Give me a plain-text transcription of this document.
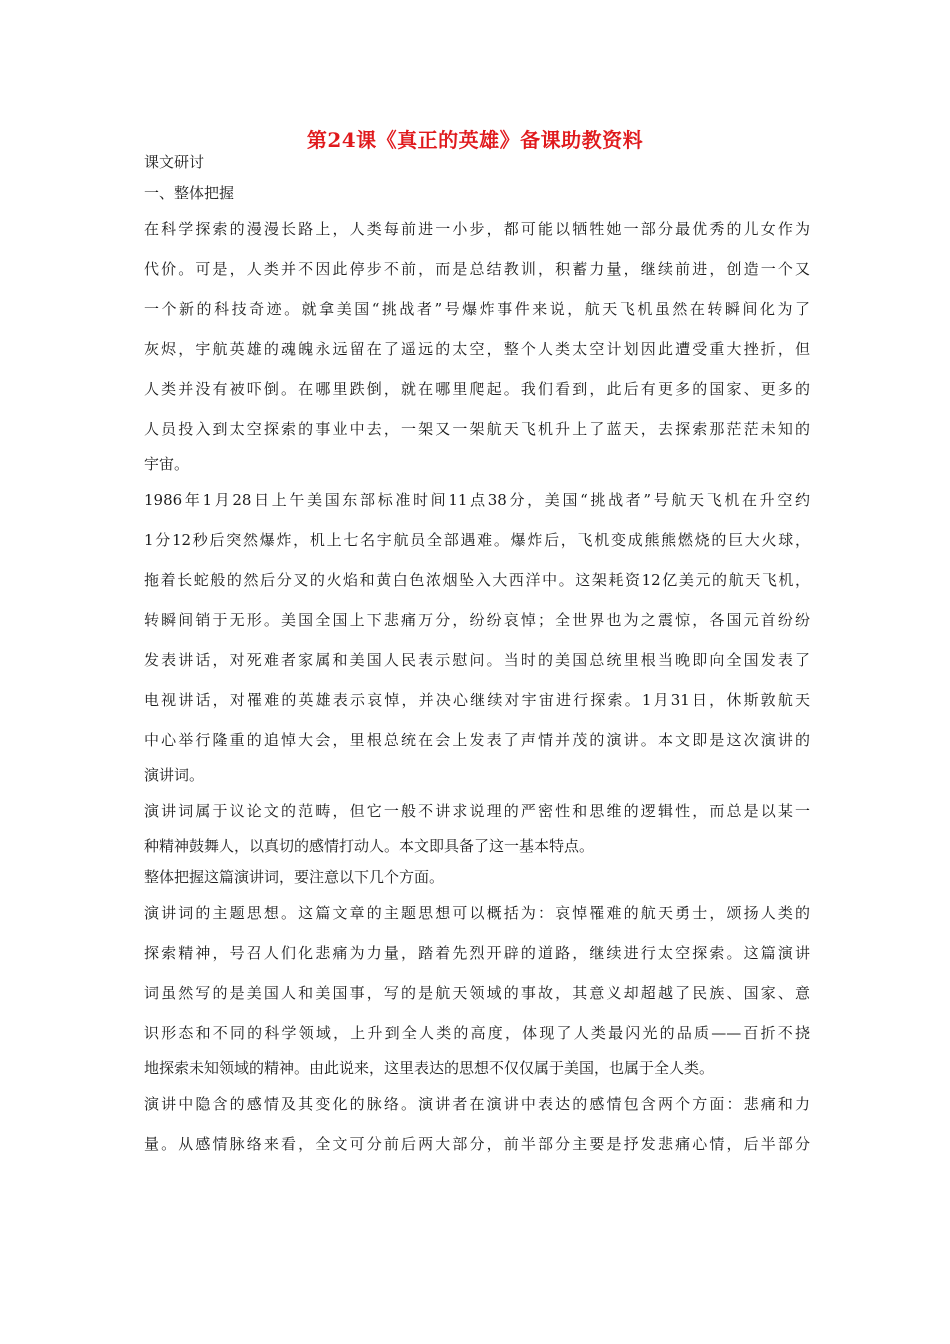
第24课《真正的英雄》备课助教资料
课文研讨
一、整体把握
在科学探索的漫漫长路上，人类每前进一小步，都可能以牺牲她一部分最优秀的儿女作为
代价。可是，人类并不因此停步不前，而是总结教训，积蓄力量，继续前进，创造一个又
一个新的科技奇迹。就拿美国“挑战者”号爆炸事件来说，航天飞机虽然在转瞬间化为了
灰烬，宇航英雄的魂魄永远留在了遥远的太空，整个人类太空计划因此遭受重大挫折，但
人类并没有被吓倒。在哪里跌倒，就在哪里爬起。我们看到，此后有更多的国家、更多的
人员投入到太空探索的事业中去，一架又一架航天飞机升上了蓝天，去探索那茫茫未知的
宇宙。
1986年1月28日上午美国东部标准时间11点38分，美国“挑战者”号航天飞机在升空约
1分12秒后突然爆炸，机上七名宇航员全部遇难。爆炸后，飞机变成熊熊燃烧的巨大火球，
拖着长蛇般的然后分叉的火焰和黄白色浓烟坠入大西洋中。这架耗资12亿美元的航天飞机，
转瞬间销于无形。美国全国上下悲痛万分，纷纷哀悼；全世界也为之震惊，各国元首纷纷
发表讲话，对死难者家属和美国人民表示慰问。当时的美国总统里根当晚即向全国发表了
电视讲话，对罹难的英雄表示哀悼，并决心继续对宇宙进行探索。1月31日，休斯敦航天
中心举行隆重的追悼大会，里根总统在会上发表了声情并茂的演讲。本文即是这次演讲的
演讲词。
演讲词属于议论文的范畴，但它一般不讲求说理的严密性和思维的逻辑性，而总是以某一
种精神鼓舞人，以真切的感情打动人。本文即具备了这一基本特点。
整体把握这篇演讲词，要注意以下几个方面。
演讲词的主题思想。这篇文章的主题思想可以概括为：哀悼罹难的航天勇士，颂扬人类的
探索精神，号召人们化悲痛为力量，踏着先烈开辟的道路，继续进行太空探索。这篇演讲
词虽然写的是美国人和美国事，写的是航天领域的事故，其意义却超越了民族、国家、意
识形态和不同的科学领域，上升到全人类的高度，体现了人类最闪光的品质——百折不挠
地探索未知领域的精神。由此说来，这里表达的思想不仅仅属于美国，也属于全人类。
演讲中隐含的感情及其变化的脉络。演讲者在演讲中表达的感情包含两个方面：悲痛和力
量。从感情脉络来看，全文可分前后两大部分，前半部分主要是抒发悲痛心情，后半部分
